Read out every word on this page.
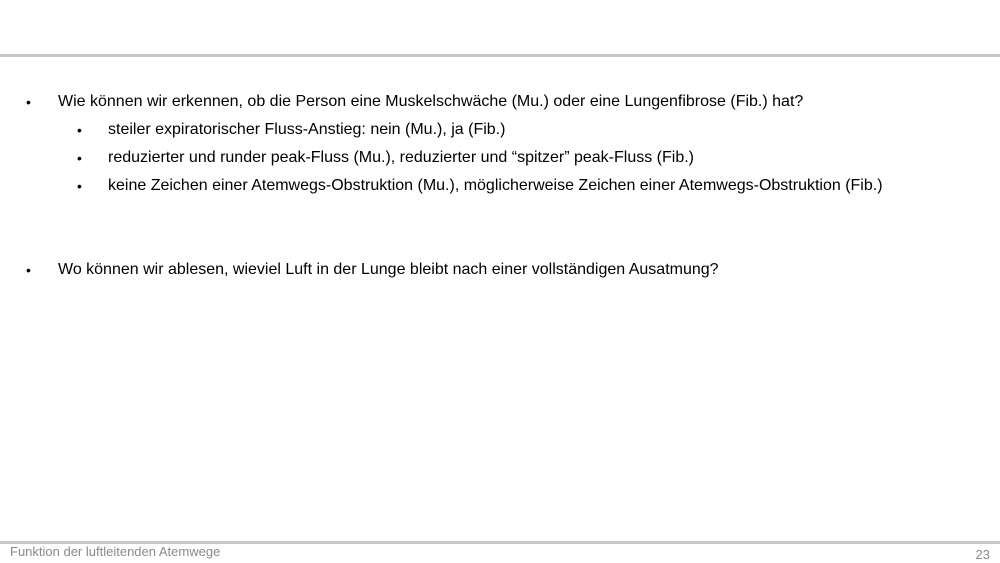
• Wie können wir erkennen, ob die Person eine Muskelschwäche (Mu.) oder eine Lungenfibrose (Fib.) hat?
• steiler expiratorischer Fluss-Anstieg: nein (Mu.), ja (Fib.)
• reduzierter und runder peak-Fluss (Mu.), reduzierter und “spitzer” peak-Fluss (Fib.)
• keine Zeichen einer Atemwegs-Obstruktion (Mu.), möglicherweise Zeichen einer Atemwegs-Obstruktion (Fib.)
• Wo können wir ablesen, wieviel Luft in der Lunge bleibt nach einer vollständigen Ausatmung?
Funktion der luftleitenden Atemwege	23
